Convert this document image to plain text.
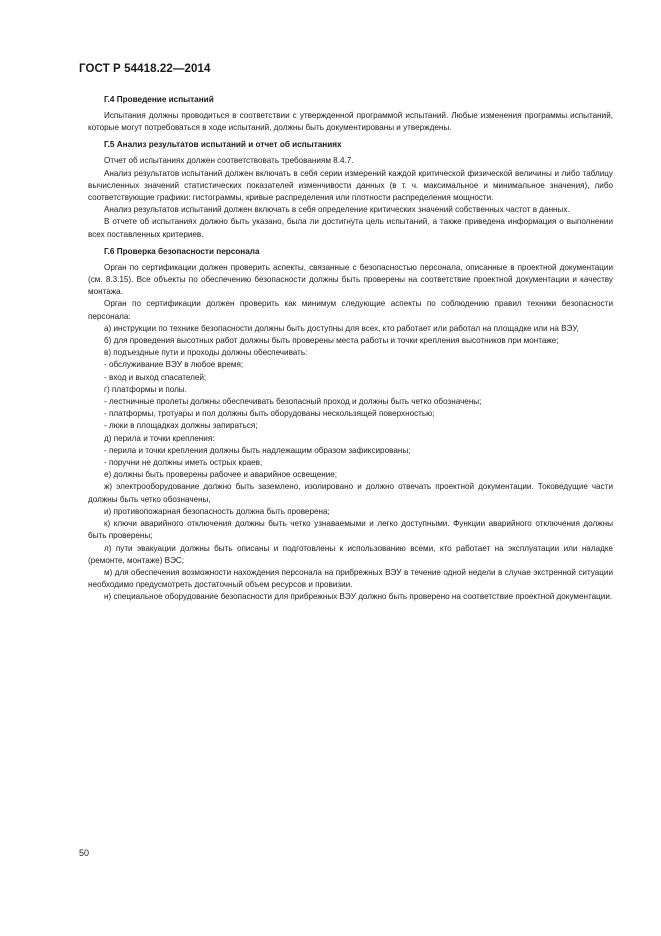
ГОСТ Р 54418.22—2014
Г.4 Проведение испытаний

Испытания должны проводиться в соответствии с утвержденной программой испытаний. Любые изменения программы испытаний, которые могут потребоваться в ходе испытаний, должны быть документированы и утверждены.

Г.5 Анализ результатов испытаний и отчет об испытаниях

Отчет об испытаниях должен соответствовать требованиям 8.4.7.

Анализ результатов испытаний должен включать в себя серии измерений каждой критической физической величины и либо таблицу вычисленных значений статистических показателей изменчивости данных (в т. ч. максимальное и минимальное значения), либо соответствующие графики: гистограммы, кривые распределения или плотности распределения мощности.

Анализ результатов испытаний должен включать в себя определение критических значений собственных частот в данных.

В отчете об испытаниях должно быть указано, была ли достигнута цель испытаний, а также приведена информация о выполнении всех поставленных критериев.

Г.6 Проверка безопасности персонала

Орган по сертификации должен проверить аспекты, связанные с безопасностью персонала, описанные в проектной документации (см. 8.3.15). Все объекты по обеспечению безопасности должны быть проверены на соответствие проектной документации и качеству монтажа.

Орган по сертификации должен проверить как минимум следующие аспекты по соблюдению правил техники безопасности персонала:

а) инструкции по технике безопасности должны быть доступны для всех, кто работает или работал на площадке или на ВЭУ,

б) для проведения высотных работ должны быть проверены места работы и точки крепления высотников при монтаже;

в) подъездные пути и проходы должны обеспечивать:

- обслуживание ВЭУ в любое время;

- вход и выход спасателей;

г) платформы и полы.

- лестничные пролеты должны обеспечивать безопасный проход и должны быть четко обозначены;

- платформы, тротуары и пол должны быть оборудованы нескользящей поверхностью;

- люки в площадках должны запираться;

д) перила и точки крепления:

- перила и точки крепления должны быть надлежащим образом зафиксированы;

- поручни не должны иметь острых краев;

е) должны быть проверены рабочее и аварийное освещение;

ж) электрооборудование должно быть заземлено, изолировано и должно отвечать проектной документации. Токоведущие части должны быть четко обозначены,

и) противопожарная безопасность должна быть проверена;

к) ключи аварийного отключения должны быть четко узнаваемыми и легко доступными. Функции аварийного отключения должны быть проверены;

л) пути эвакуации должны быть описаны и подготовлены к использованию всеми, кто работает на эксплуатации или наладке (ремонте, монтаже) ВЭС;

м) для обеспечения возможности нахождения персонала на прибрежных ВЭУ в течение одной недели в случае экстренной ситуации необходимо предусмотреть достаточный объем ресурсов и провизии.

н) специальное оборудование безопасности для прибрежных ВЭУ должно быть проверено на соответствие проектной документации.

50
